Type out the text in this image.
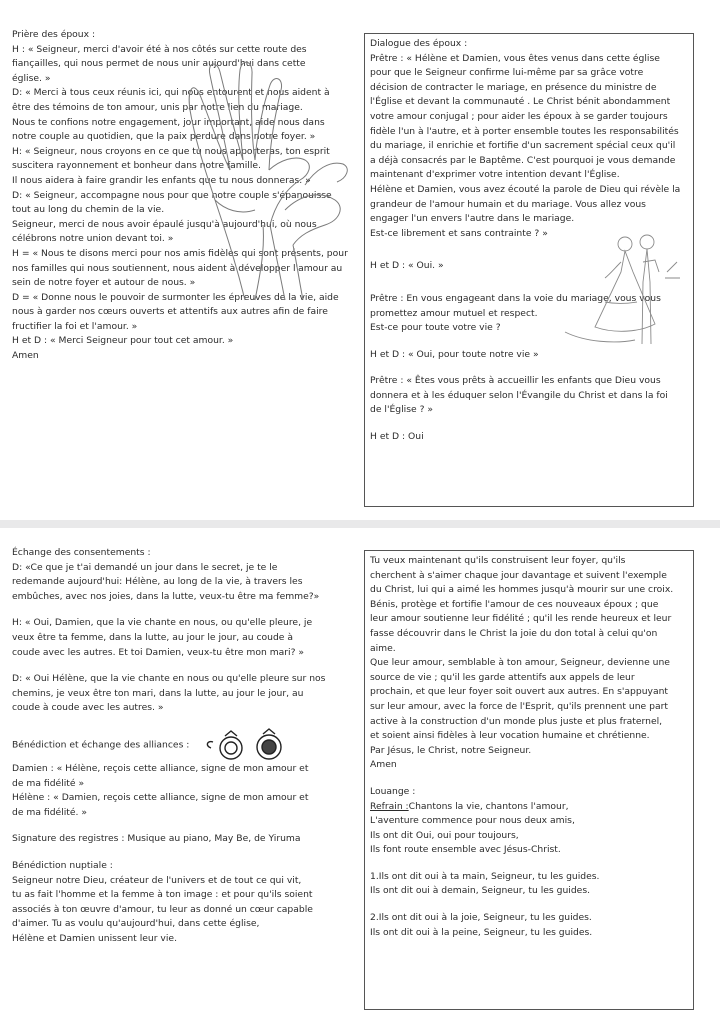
Prière des époux :

H : « Seigneur, merci d'avoir été à nos côtés sur cette route des

fiançailles, qui nous permet de nous unir aujourd'hui dans cette

église. »

D: « Merci à tous ceux réunis ici, qui nous entourent et nous aident à

être des témoins de ton amour, unis par notre lien du mariage.

Nous te confions notre engagement, jour important, aide nous dans

notre couple au quotidien, que la paix perdure dans notre foyer. »

H: « Seigneur, nous croyons en ce que tu nous apporteras, ton esprit

suscitera rayonnement et bonheur dans notre famille.

Il nous aidera à faire grandir les enfants que tu nous donneras. »

D: « Seigneur, accompagne nous pour que notre couple s'épanouisse

tout au long du chemin de la vie.

Seigneur, merci de nous avoir épaulé jusqu'à aujourd'hui, où nous

célébrons notre union devant toi. »

H = « Nous te disons merci pour nos amis fidèles qui sont présents, pour

nos familles qui nous soutiennent, nous aident à développer l'amour au

sein de notre foyer et autour de nous. »

D = « Donne nous le pouvoir de surmonter les épreuves de la vie, aide

nous à garder nos cœurs ouverts et attentifs aux autres afin de faire

fructifier la foi et l'amour. »

H et D : « Merci Seigneur pour tout cet amour. »

Amen

Dialogue des époux :

Prêtre : « Hélène et Damien, vous êtes venus dans cette église

pour que le Seigneur confirme lui-même par sa grâce votre

décision de contracter le mariage, en présence du ministre de

l'Église et devant la communauté . Le Christ bénit abondamment

votre amour conjugal ; pour aider les époux à se garder toujours

fidèle l'un à l'autre, et à porter ensemble toutes les responsabilités

du mariage, il enrichie et fortifie d'un sacrement spécial ceux qu'il

a déjà consacrés par le Baptême. C'est pourquoi je vous demande

maintenant d'exprimer votre intention devant l'Église.

Hélène et Damien, vous avez écouté la parole de Dieu qui révèle la

grandeur de l'amour humain et du mariage. Vous allez vous

engager l'un envers l'autre dans le mariage.

Est-ce librement et sans contrainte ? »

H et D : « Oui. »

Prêtre : En vous engageant dans la voie du mariage, vous vous

promettez amour mutuel et respect.

Est-ce pour toute votre vie ?

H et D : « Oui, pour toute notre vie »

Prêtre : « Êtes vous prêts à accueillir les enfants que Dieu vous

donnera et à les éduquer selon l'Évangile du Christ et dans la foi

de l'Église ? »

H et D : Oui

Échange des consentements :

D: «Ce que je t'ai demandé un jour dans le secret, je te le

redemande aujourd'hui: Hélène, au long de la vie, à travers les

embûches, avec nos joies, dans la lutte, veux-tu être ma femme?»

H: « Oui, Damien, que la vie chante en nous, ou qu'elle pleure, je

veux être ta femme, dans la lutte, au jour le jour, au coude à

coude avec les autres. Et toi Damien, veux-tu être mon mari? »

D: « Oui Hélène, que la vie chante en nous ou qu'elle pleure sur nos

chemins, je veux être ton mari, dans la lutte, au jour le jour, au

coude à coude avec les autres. »

Bénédiction et échange des alliances :

Damien : « Hélène, reçois cette alliance, signe de mon amour et

de ma fidélité »

Hélène : « Damien, reçois cette alliance, signe de mon amour et

de ma fidélité. »

Signature des registres : Musique au piano, May Be, de Yiruma

Bénédiction nuptiale :

Seigneur notre Dieu, créateur de l'univers et de tout ce qui vit,

tu as fait l'homme et la femme à ton image : et pour qu'ils soient

associés à ton œuvre d'amour, tu leur as donné un cœur capable

d'aimer. Tu as voulu qu'aujourd'hui, dans cette église,

Hélène et Damien unissent leur vie.

Tu veux maintenant qu'ils construisent leur foyer, qu'ils

cherchent à s'aimer chaque jour davantage et suivent l'exemple

du Christ, lui qui a aimé les hommes jusqu'à mourir sur une croix.

Bénis, protège et fortifie l'amour de ces nouveaux époux ; que

leur amour soutienne leur fidélité ; qu'il les rende heureux et leur

fasse découvrir dans le Christ la joie du don total à celui qu'on

aime.

Que leur amour, semblable à ton amour, Seigneur, devienne une

source de vie ; qu'il les garde attentifs aux appels de leur

prochain, et que leur foyer soit ouvert aux autres. En s'appuyant

sur leur amour, avec la force de l'Esprit, qu'ils prennent une part

active à la construction d'un monde plus juste et plus fraternel,

et soient ainsi fidèles à leur vocation humaine et chrétienne.

Par Jésus, le Christ, notre Seigneur.

Amen

Louange :

Refrain :Chantons la vie, chantons l'amour,

L'aventure commence pour nous deux amis,

Ils ont dit Oui, oui pour toujours,

Ils font route ensemble avec Jésus-Christ.

1.Ils ont dit oui à ta main, Seigneur, tu les guides.

Ils ont dit oui à demain, Seigneur, tu les guides.

2.Ils ont dit oui à la joie, Seigneur, tu les guides.

Ils ont dit oui à la peine, Seigneur, tu les guides.
